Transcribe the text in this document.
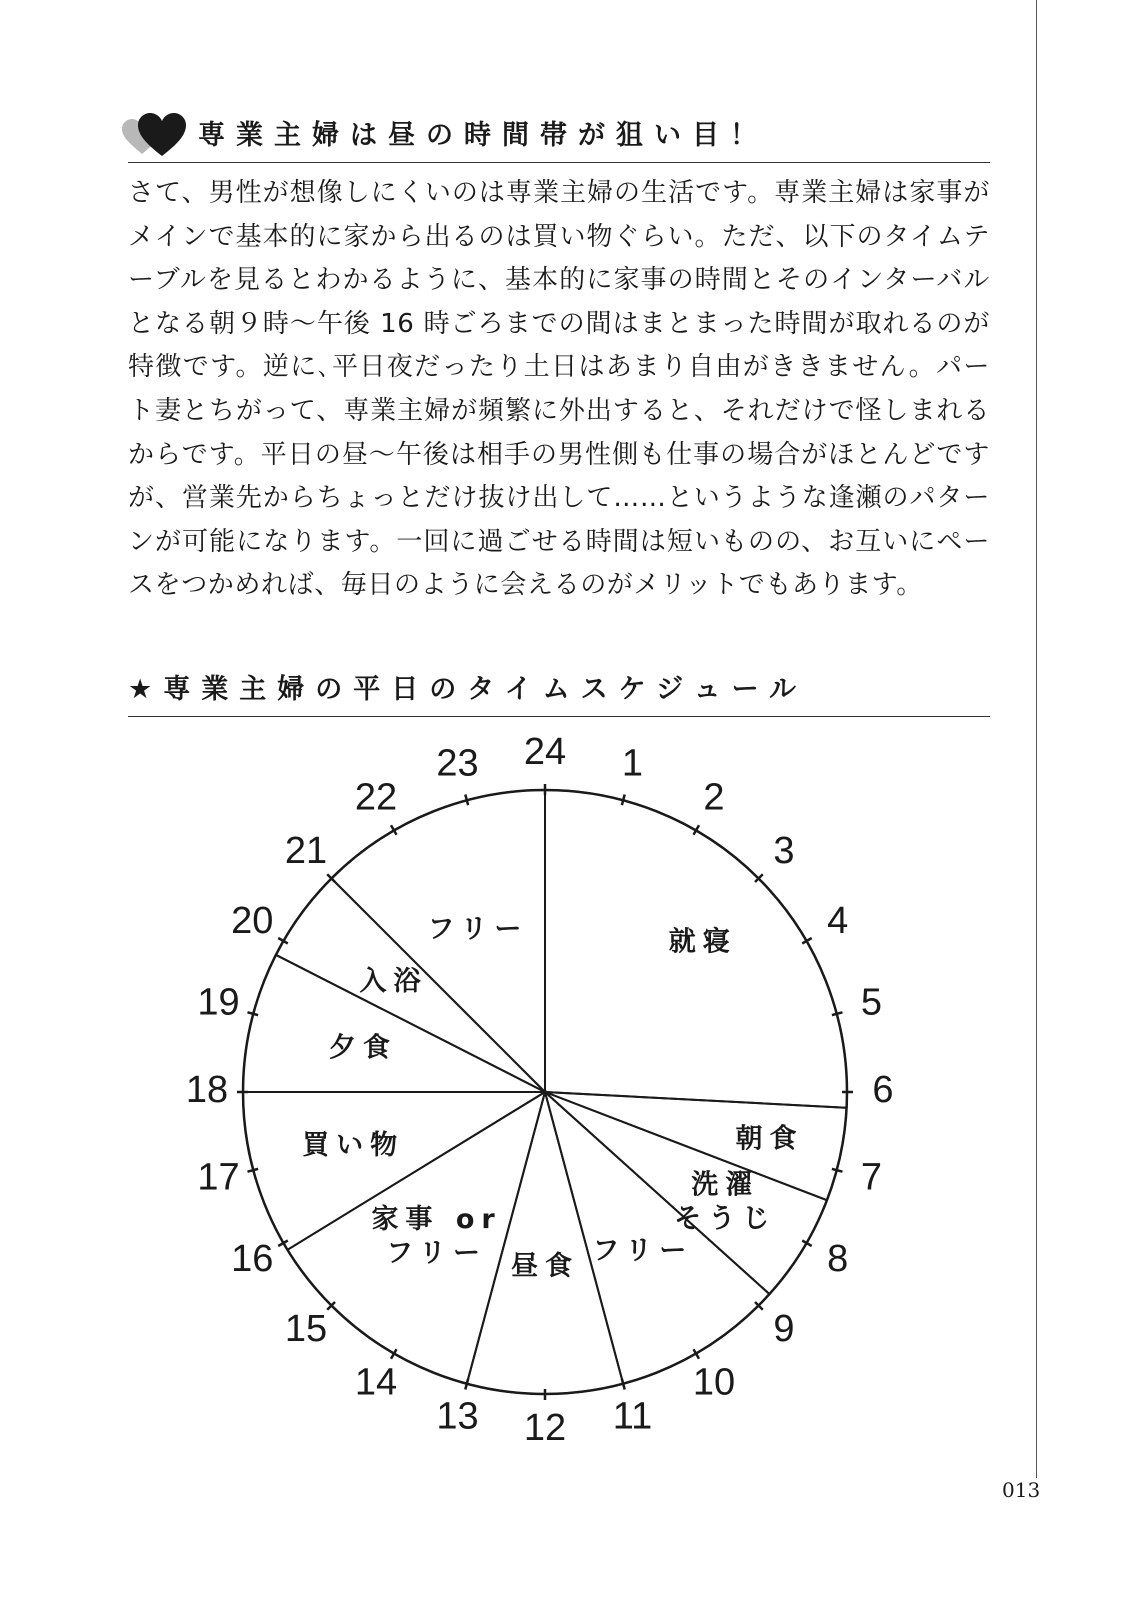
専業主婦は昼の時間帯が狙い目！

さて、男性が想像しにくいのは専業主婦の生活です。専業主婦は家事がメインで基本的に家から出るのは買い物ぐらい。ただ、以下のタイムテーブルを見るとわかるように、基本的に家事の時間とそのインターバルとなる朝９時〜午後 16 時ごろまでの間はまとまった時間が取れるのが特徴です。逆に､平日夜だったり土日はあまり自由がききません。パート妻とちがって、専業主婦が頻繁に外出すると、それだけで怪しまれるからです。平日の昼〜午後は相手の男性側も仕事の場合がほとんどですが、営業先からちょっとだけ抜け出して……というような逢瀬のパターンが可能になります。一回に過ごせる時間は短いものの、お互いにペースをつかめれば、毎日のように会えるのがメリットでもあります。

★専業主婦の平日のタイムスケジュール
就寝
朝食
洗濯そうじ
フリー
昼食
家事 or フリー
買い物
夕食
入浴
フリー
24 1
2
3
4
5
6
7
8
9
10
11
12
13
14
15
16
17
18
19
20
21
22
23
013
